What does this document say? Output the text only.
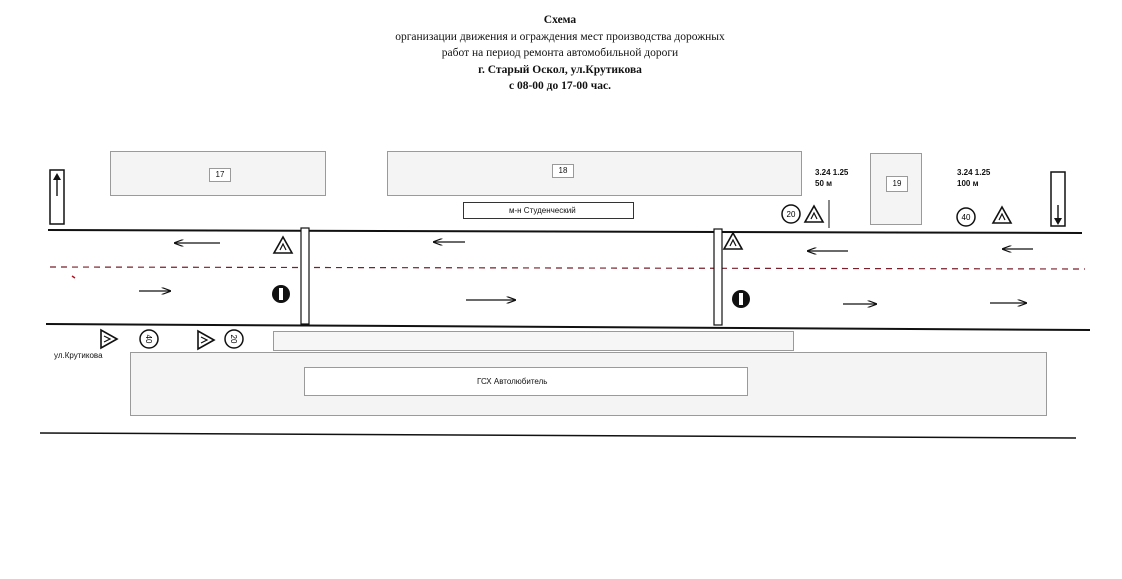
Схема
организации движения и ограждения мест производства дорожных
работ на период ремонта автомобильной дороги
г. Старый Оскол, ул.Крутикова
с 08-00 до 17-00 час.
17	18
19
м-н Студенческий
3.24 1.25
50 м
3.24 1.25
100 м
ГСХ Автолюбитель
ул.Крутикова
20	40
40	20
